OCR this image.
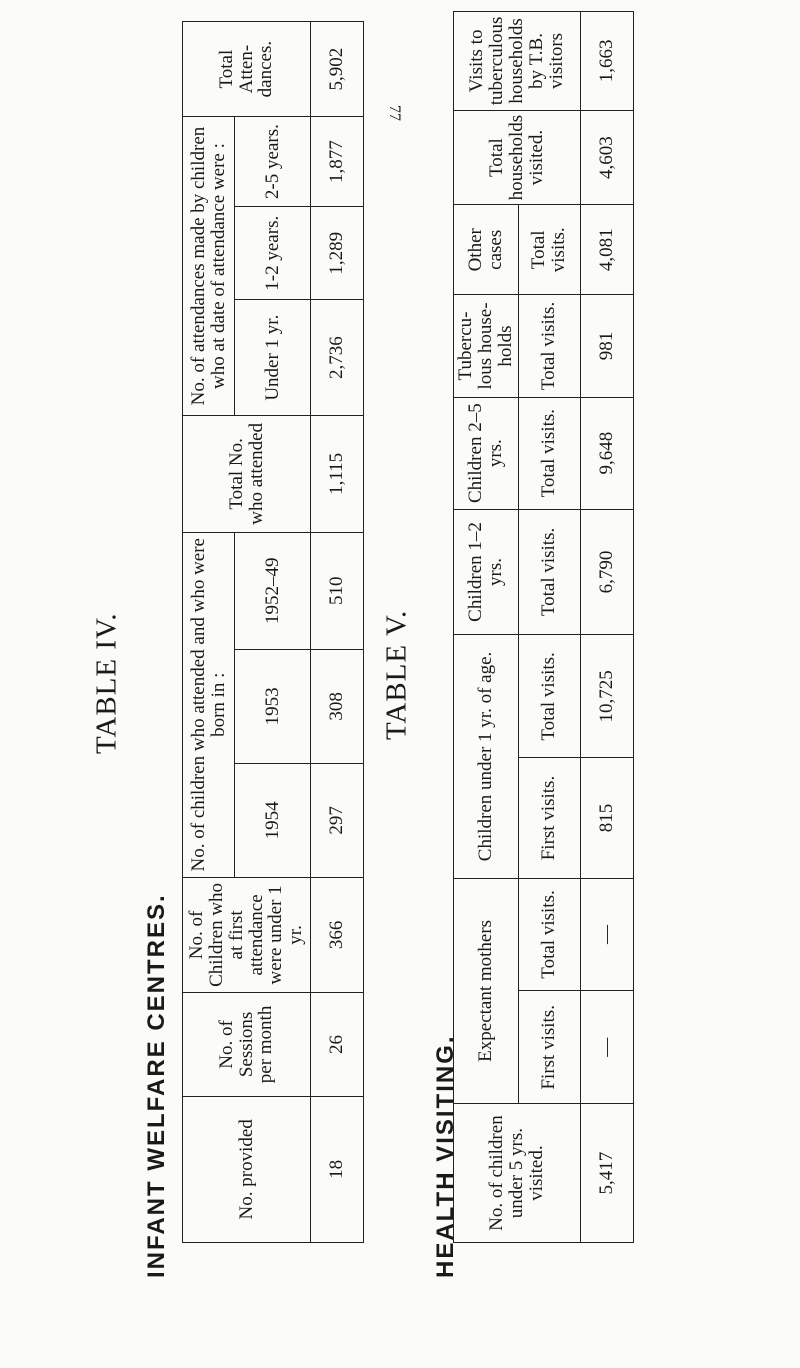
77
TABLE IV.
INFANT WELFARE CENTRES.	No. provided	No. of Sessions per month	No. of Children who at first attendance were under 1 yr.	No. of children who attended and who were born in :			Total No. who attended	No. of attendances made by children who at date of attendance were :			Total Atten-dances.
			1954	1953	1952–49		Under 1 yr.	1-2 years.	2-5 years.	
18	26	366	297	308	510	1,115	2,736	1,289	1,877	5,902
TABLE V.
HEALTH VISITING. No. of children under 5 yrs. visited.	Expectant mothers		Children under 1 yr. of age.		Children 1–2 yrs.	Children 2–5 yrs.	Tubercu-lous house-holds	Other cases	Total households visited.	Visits to tuberculous households by T.B. visitors
	First visits.	Total visits.	First visits.	Total visits.	Total visits.	Total visits.	Total visits.	Total visits.		
5,417	—	—	815	10,725	6,790	9,648	981	4,081	4,603	1,663
